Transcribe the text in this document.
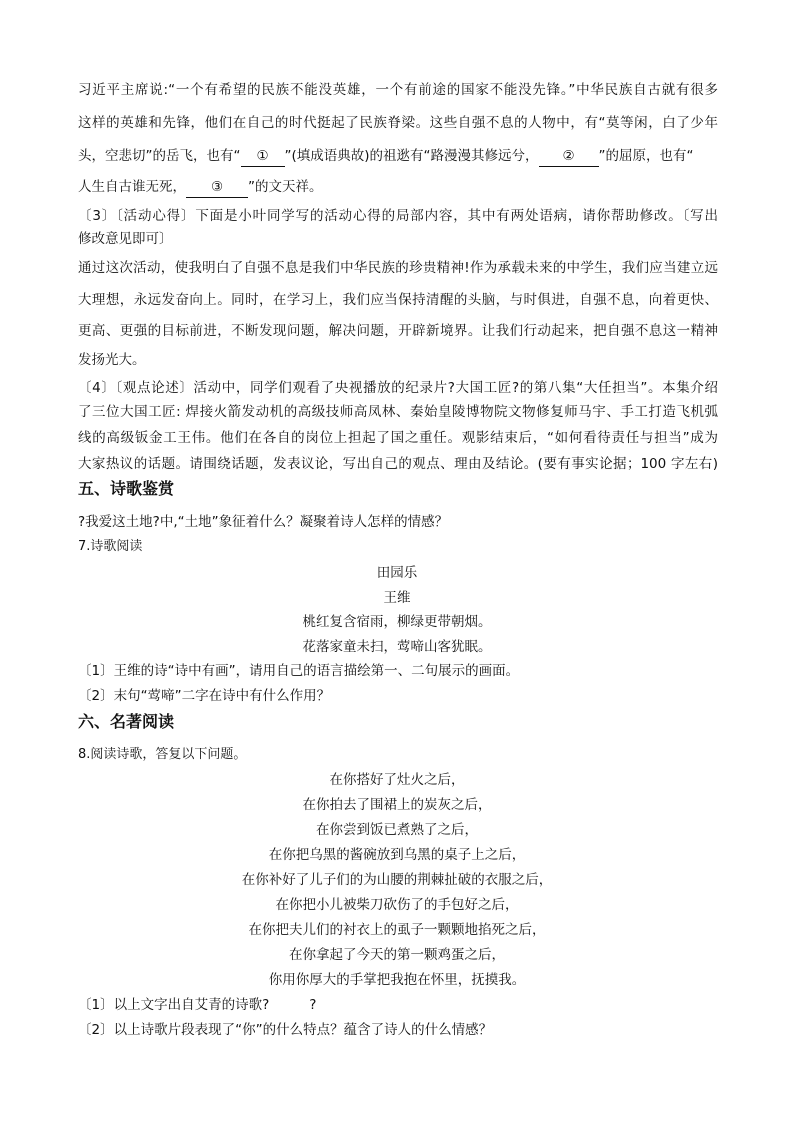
习近平主席说:“一个有希望的民族不能没英雄，一个有前途的国家不能没先锋。”中华民族自古就有很多
这样的英雄和先锋，他们在自己的时代挺起了民族脊梁。这些自强不息的人物中，有“莫等闲，白了少年
头，空悲切”的岳飞，也有“ ① ”(填成语典故)的祖逖有“路漫漫其修远兮， ② ”的屈原，也有“
人生自古谁无死， ③ ”的文天祥。
〔3〕〔活动心得〕下面是小叶同学写的活动心得的局部内容，其中有两处语病，请你帮助修改。〔写出
修改意见即可〕
通过这次活动，使我明白了自强不息是我们中华民族的珍贵精神!作为承载未来的中学生，我们应当建立远
大理想，永远发奋向上。同时，在学习上，我们应当保持清醒的头脑，与时俱进，自强不息，向着更快、
更高、更强的目标前进，不断发现问题，解决问题，开辟新境界。让我们行动起来，把自强不息这一精神
发扬光大。
〔4〕〔观点论述〕活动中，同学们观看了央视播放的纪录片?大国工匠?的第八集“大任担当”。本集介绍
了三位大国工匠: 焊接火箭发动机的高级技师高凤林、秦始皇陵博物院文物修复师马宇、手工打造飞机弧
线的高级钣金工王伟。他们在各自的岗位上担起了国之重任。观影结束后，“如何看待责任与担当”成为
大家热议的话题。请围绕话题，发表议论，写出自己的观点、理由及结论。(要有事实论据；100 字左右)
五、诗歌鉴赏
?我爱这土地?中,“土地”象征着什么？凝聚着诗人怎样的情感？
7.诗歌阅读
田园乐
王维
桃红复含宿雨，柳绿更带朝烟。
花落家童未扫，莺啼山客犹眠。
〔1〕王维的诗“诗中有画”，请用自己的语言描绘第一、二句展示的画面。
〔2〕末句“莺啼”二字在诗中有什么作用？
六、名著阅读
8.阅读诗歌，答复以下问题。
在你搭好了灶火之后，
在你拍去了围裙上的炭灰之后，
在你尝到饭已煮熟了之后，
在你把乌黑的酱碗放到乌黑的桌子上之后，
在你补好了儿子们的为山腰的荆棘扯破的衣服之后，
在你把小儿被柴刀砍伤了的手包好之后，
在你把夫儿们的衬衣上的虱子一颗颗地掐死之后，
在你拿起了今天的第一颗鸡蛋之后，
你用你厚大的手掌把我抱在怀里，抚摸我。
〔1〕以上文字出自艾青的诗歌?	?
〔2〕以上诗歌片段表现了“你”的什么特点？蕴含了诗人的什么情感？
